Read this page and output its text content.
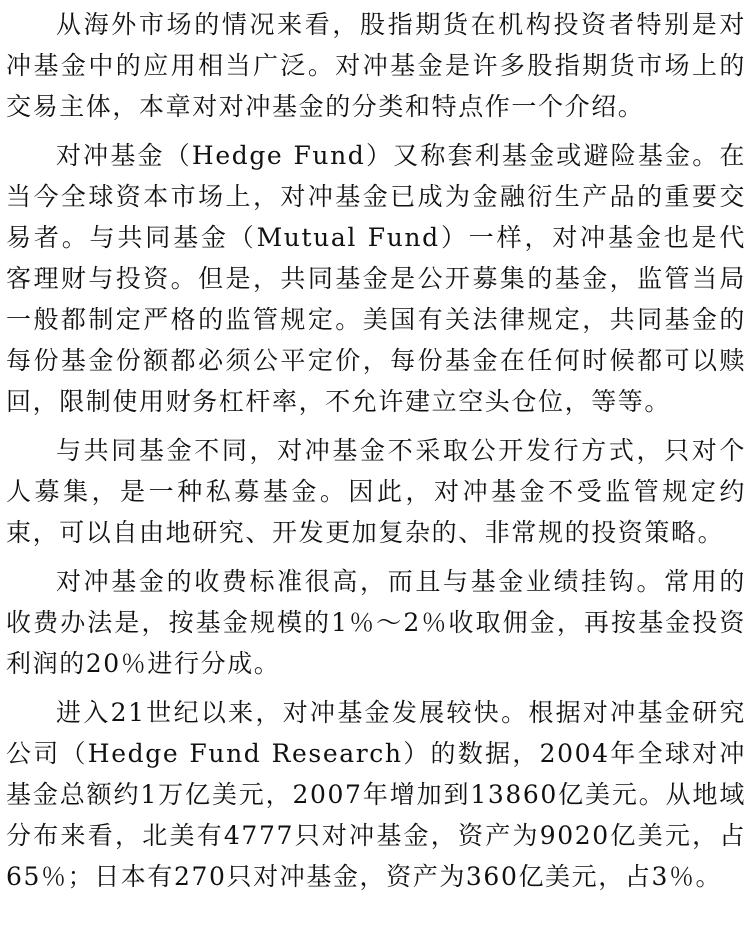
从海外市场的情况来看，股指期货在机构投资者特别是对冲基金中的应用相当广泛。对冲基金是许多股指期货市场上的交易主体，本章对对冲基金的分类和特点作一个介绍。

对冲基金（Hedge Fund）又称套利基金或避险基金。在当今全球资本市场上，对冲基金已成为金融衍生产品的重要交易者。与共同基金（Mutual Fund）一样，对冲基金也是代客理财与投资。但是，共同基金是公开募集的基金，监管当局一般都制定严格的监管规定。美国有关法律规定，共同基金的每份基金份额都必须公平定价，每份基金在任何时候都可以赎回，限制使用财务杠杆率，不允许建立空头仓位，等等。

与共同基金不同，对冲基金不采取公开发行方式，只对个人募集，是一种私募基金。因此，对冲基金不受监管规定约束，可以自由地研究、开发更加复杂的、非常规的投资策略。

对冲基金的收费标准很高，而且与基金业绩挂钩。常用的收费办法是，按基金规模的1％～2％收取佣金，再按基金投资利润的20％进行分成。

进入21世纪以来，对冲基金发展较快。根据对冲基金研究公司（Hedge Fund Research）的数据，2004年全球对冲基金总额约1万亿美元，2007年增加到13860亿美元。从地域分布来看，北美有4777只对冲基金，资产为9020亿美元，占65％；日本有270只对冲基金，资产为360亿美元，占3％。
